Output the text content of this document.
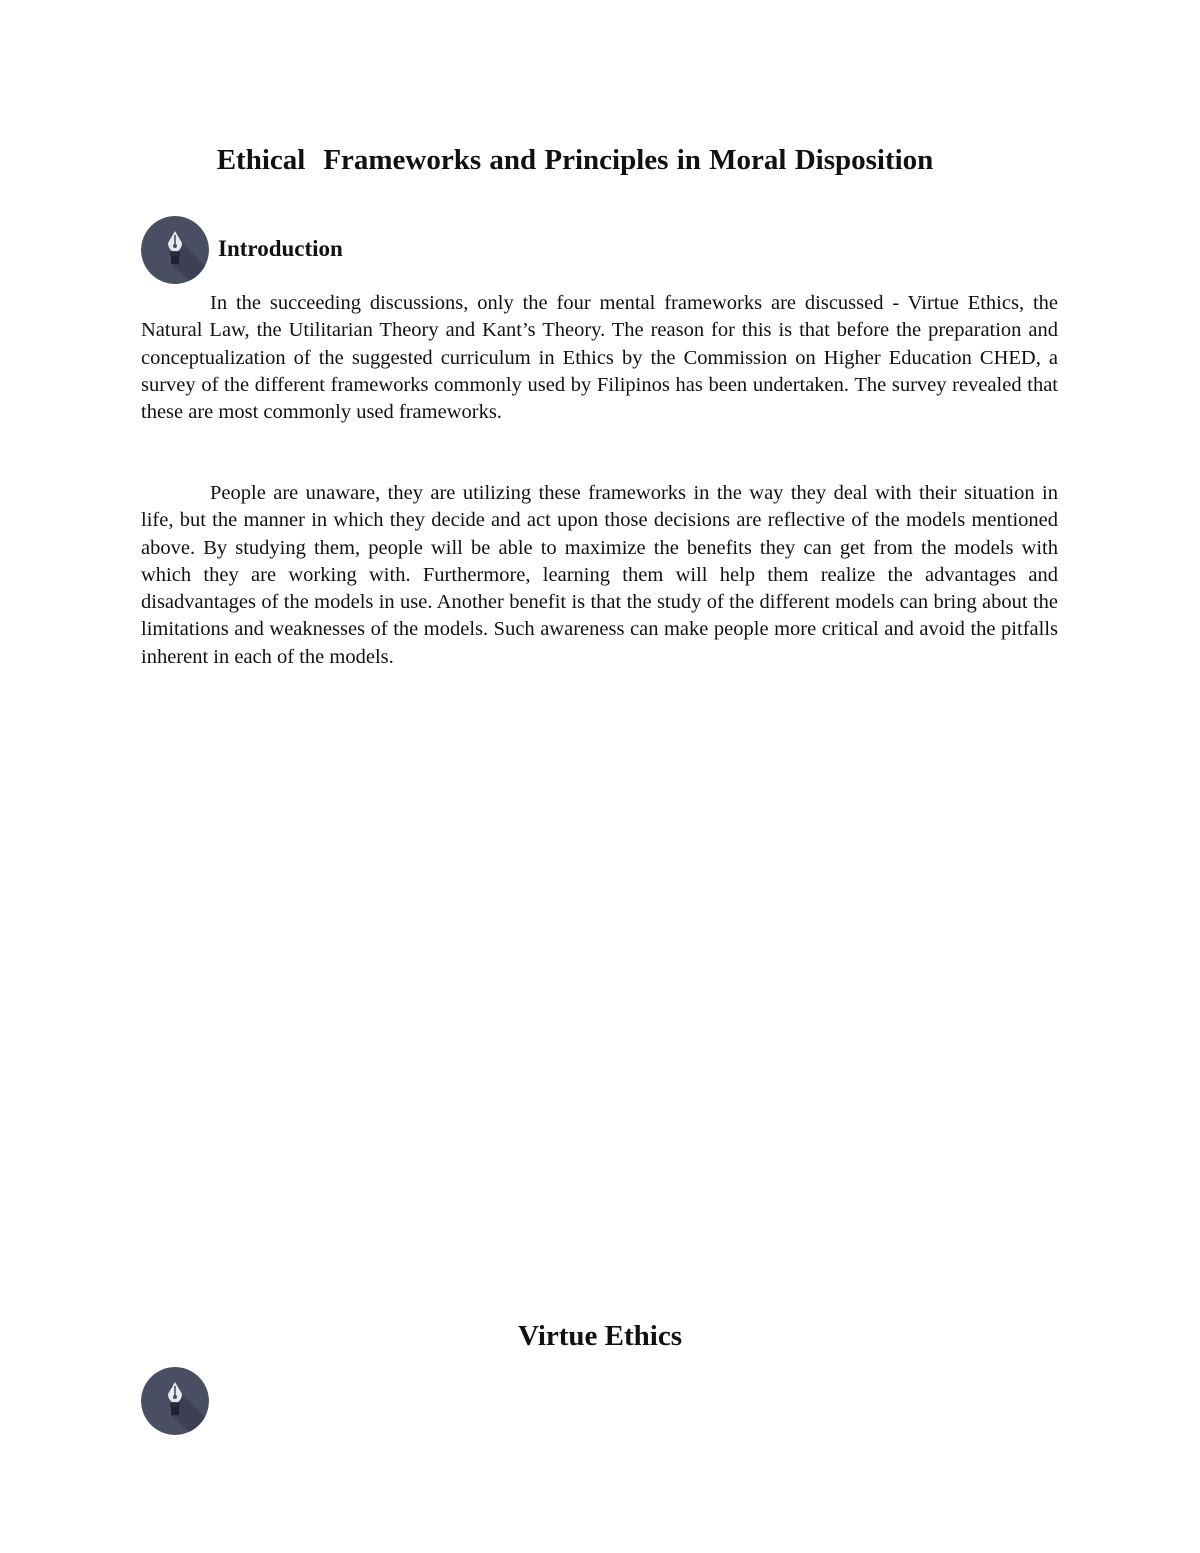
Ethical Frameworks and Principles in Moral Disposition
Introduction

In the succeeding discussions, only the four mental frameworks are discussed - Virtue Ethics, the Natural Law, the Utilitarian Theory and Kant’s Theory. The reason for this is that before the preparation and conceptualization of the suggested curriculum in Ethics by the Commission on Higher Education CHED, a survey of the different frameworks commonly used by Filipinos has been undertaken. The survey revealed that these are most commonly used frameworks.

People are unaware, they are utilizing these frameworks in the way they deal with their situation in life, but the manner in which they decide and act upon those decisions are reflective of the models mentioned above. By studying them, people will be able to maximize the benefits they can get from the models with which they are working with. Furthermore, learning them will help them realize the advantages and disadvantages of the models in use. Another benefit is that the study of the different models can bring about the limitations and weaknesses of the models. Such awareness can make people more critical and avoid the pitfalls inherent in each of the models.

Virtue Ethics
